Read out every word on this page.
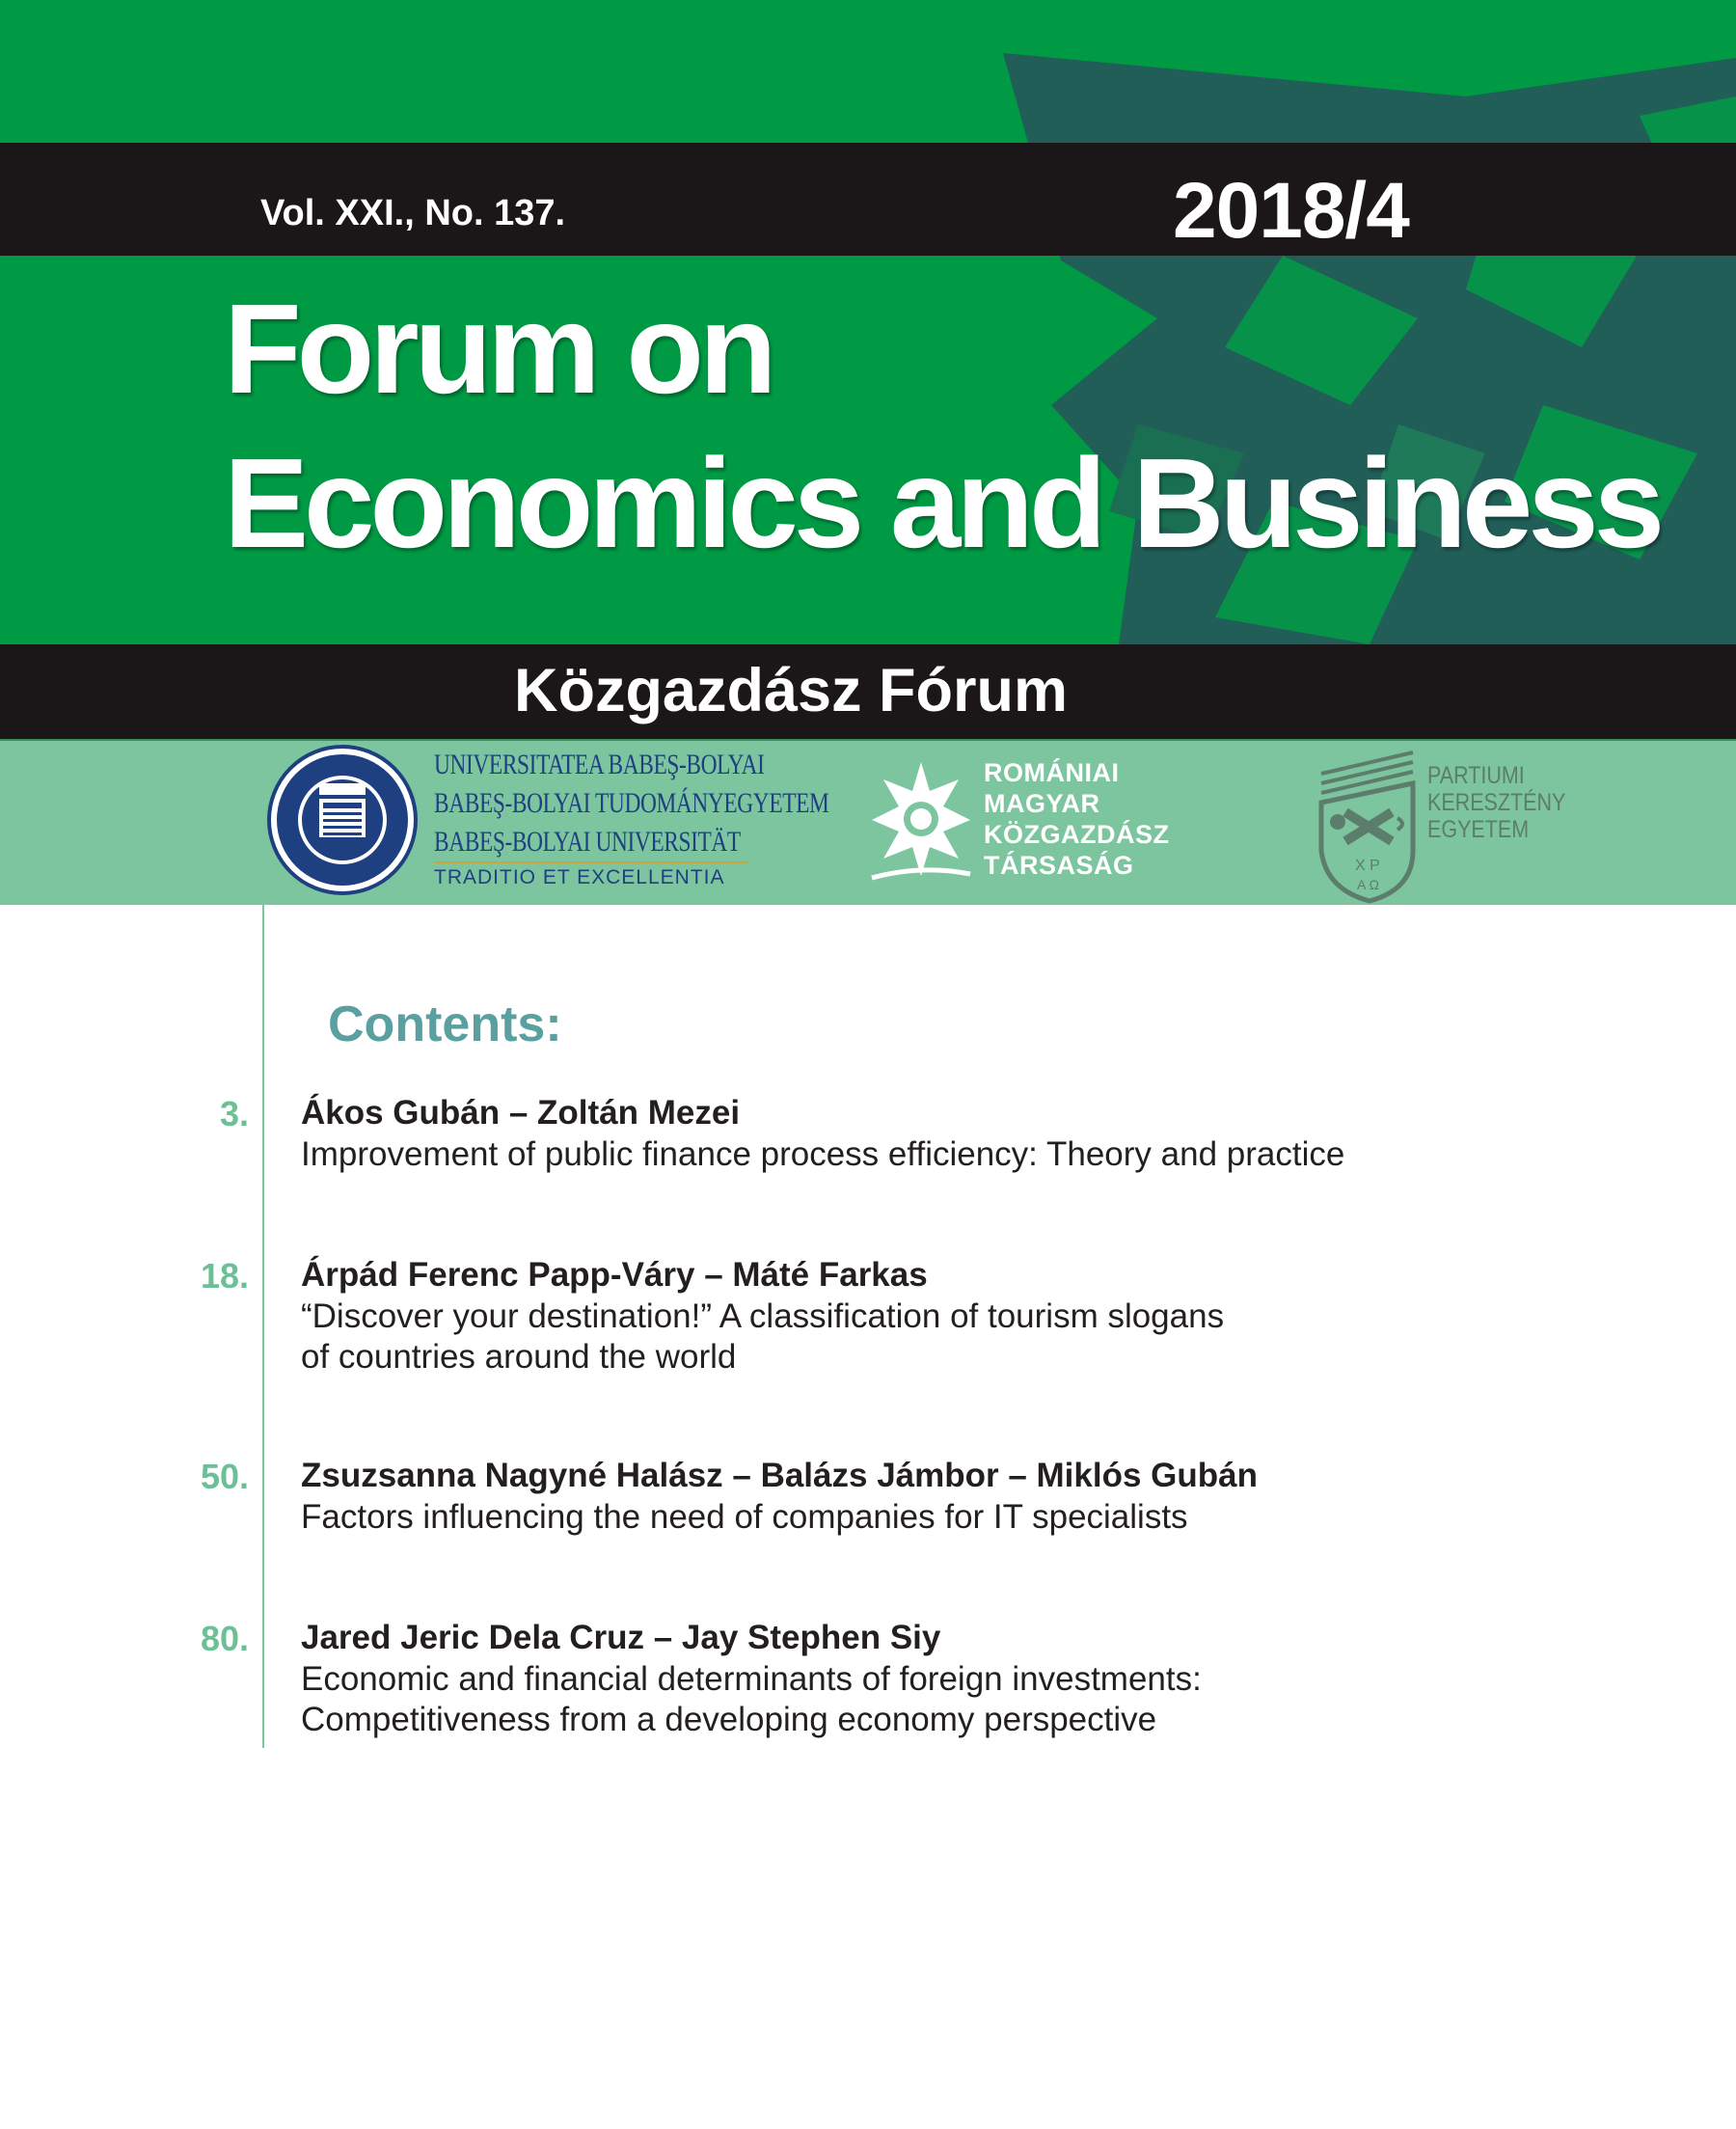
Vol. XXI., No. 137.	2018/4
Forum on
Economics and Business
Közgazdász Fórum
UNIVERSITATEA BABEŞ-BOLYAI
BABEŞ-BOLYAI TUDOMÁNYEGYETEM
BABEŞ-BOLYAI UNIVERSITÄT
TRADITIO ET EXCELLENTIA
ROMÁNIAI
MAGYAR
KÖZGAZDÁSZ
TÁRSASÁG	X P
A Ω
PARTIUMI
KERESZTÉNY
EGYETEM
Contents:
3. Ákos Gubán – Zoltán Mezei
Improvement of public finance process efficiency: Theory and practice
18. Árpád Ferenc Papp-Váry – Máté Farkas
“Discover your destination!” A classification of tourism slogans
of countries around the world
50. Zsuzsanna Nagyné Halász – Balázs Jámbor – Miklós Gubán
Factors influencing the need of companies for IT specialists
80. Jared Jeric Dela Cruz – Jay Stephen Siy
Economic and financial determinants of foreign investments:
Competitiveness from a developing economy perspective
